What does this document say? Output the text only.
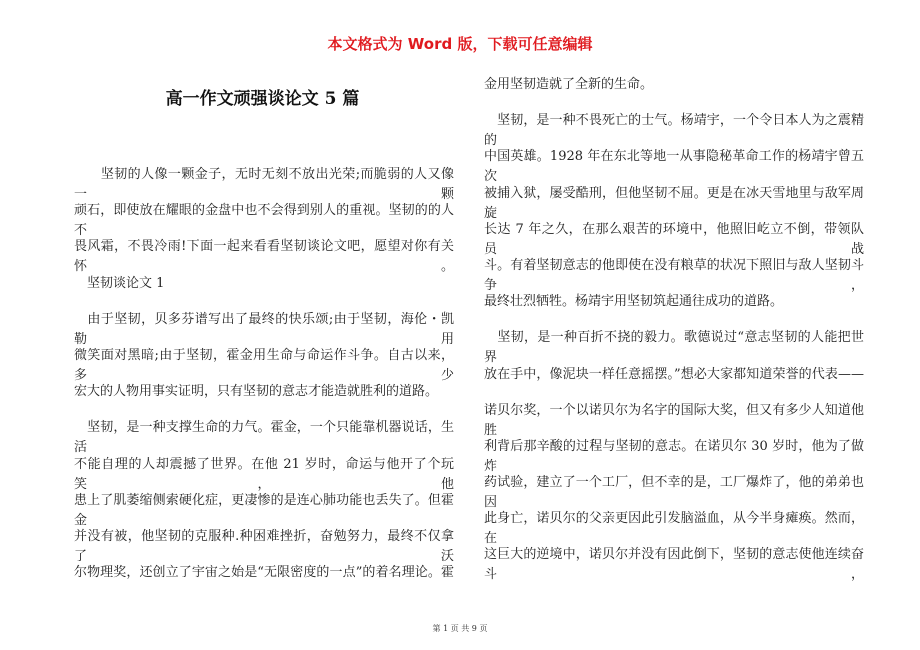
本文格式为 Word 版，下载可任意编辑
高一作文顽强谈论文 5 篇
　　坚韧的人像一颗金子，无时无刻不放出光荣;而脆弱的人又像一颗
顽石，即使放在耀眼的金盘中也不会得到别人的重视。坚韧的的人不
畏风霜，不畏冷雨!下面一起来看看坚韧谈论文吧，愿望对你有关怀。
　坚韧谈论文 1
　由于坚韧，贝多芬谱写出了最终的快乐颂;由于坚韧，海伦・凯勒用
微笑面对黑暗;由于坚韧，霍金用生命与命运作斗争。自古以来，多少
宏大的人物用事实证明，只有坚韧的意志才能造就胜利的道路。
　坚韧，是一种支撑生命的力气。霍金，一个只能靠机器说话，生活
不能自理的人却震撼了世界。在他 21 岁时，命运与他开了个玩笑，他
患上了肌萎缩侧索硬化症，更凄惨的是连心肺功能也丢失了。但霍金
并没有被，他坚韧的克服种.种困难挫折，奋勉努力，最终不仅拿了沃
尔物理奖，还创立了宇宙之始是“无限密度的一点”的着名理论。霍
金用坚韧造就了全新的生命。
　坚韧，是一种不畏死亡的士气。杨靖宇，一个令日本人为之震精的
中国英雄。1928 年在东北等地一从事隐秘革命工作的杨靖宇曾五次
被捕入狱，屡受酷刑，但他坚韧不屈。更是在冰天雪地里与敌军周旋
长达 7 年之久，在那么艰苦的环境中，他照旧屹立不倒，带领队员战
斗。有着坚韧意志的他即使在没有粮草的状况下照旧与敌人坚韧斗争，
最终壮烈牺牲。杨靖宇用坚韧筑起通往成功的道路。
　坚韧，是一种百折不挠的毅力。歌德说过“意志坚韧的人能把世界
放在手中，像泥块一样任意摇摆。”想必大家都知道荣誉的代表——
诺贝尔奖，一个以诺贝尔为名字的国际大奖，但又有多少人知道他胜
利背后那辛酸的过程与坚韧的意志。在诺贝尔 30 岁时，他为了做炸
药试验，建立了一个工厂，但不幸的是，工厂爆炸了，他的弟弟也因
此身亡，诺贝尔的父亲更因此引发脑溢血，从今半身瘫痪。然而，在
这巨大的逆境中，诺贝尔并没有因此倒下，坚韧的意志使他连续奋斗，
第 1 页 共 9 页
